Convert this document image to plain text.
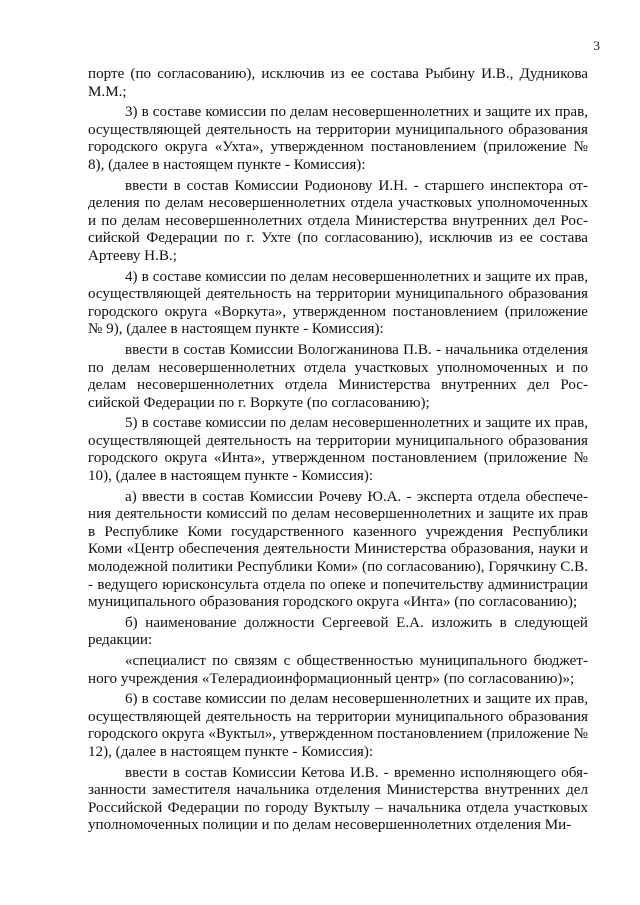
3

порте (по согласованию), исключив из ее состава Рыбину И.В., Дудникова М.М.;

3) в составе комиссии по делам несовершеннолетних и защите их прав, осуществляющей деятельность на территории муниципального образования городского округа «Ухта», утвержденном постановлением (приложение № 8), (далее в настоящем пункте - Комиссия):

ввести в состав Комиссии Родионову И.Н. - старшего инспектора отделения по делам несовершеннолетних отдела участковых уполномоченных и по делам несовершеннолетних отдела Министерства внутренних дел Российской Федерации по г. Ухте (по согласованию), исключив из ее состава Артееву Н.В.;

4) в составе комиссии по делам несовершеннолетних и защите их прав, осуществляющей деятельность на территории муниципального образования городского округа «Воркута», утвержденном постановлением (приложение № 9), (далее в настоящем пункте - Комиссия):

ввести в состав Комиссии Вологжанинова П.В. - начальника отделения по делам несовершеннолетних отдела участковых уполномоченных и по делам несовершеннолетних отдела Министерства внутренних дел Российской Федерации по г. Воркуте (по согласованию);

5) в составе комиссии по делам несовершеннолетних и защите их прав, осуществляющей деятельность на территории муниципального образования городского округа «Инта», утвержденном постановлением (приложение № 10), (далее в настоящем пункте - Комиссия):

а) ввести в состав Комиссии Рочеву Ю.А. - эксперта отдела обеспечения деятельности комиссий по делам несовершеннолетних и защите их прав в Республике Коми государственного казенного учреждения Республики Коми «Центр обеспечения деятельности Министерства образования, науки и молодежной политики Республики Коми» (по согласованию), Горячкину С.В. - ведущего юрисконсульта отдела по опеке и попечительству администрации муниципального образования городского округа «Инта» (по согласованию);

б) наименование должности Сергеевой Е.А. изложить в следующей редакции:

«специалист по связям с общественностью муниципального бюджетного учреждения «Телерадиоинформационный центр» (по согласованию)»;

6) в составе комиссии по делам несовершеннолетних и защите их прав, осуществляющей деятельность на территории муниципального образования городского округа «Вуктыл», утвержденном постановлением (приложение № 12), (далее в настоящем пункте - Комиссия):

ввести в состав Комиссии Кетова И.В. - временно исполняющего обязанности заместителя начальника отделения Министерства внутренних дел Российской Федерации по городу Вуктылу – начальника отдела участковых уполномоченных полиции и по делам несовершеннолетних отделения Ми-
